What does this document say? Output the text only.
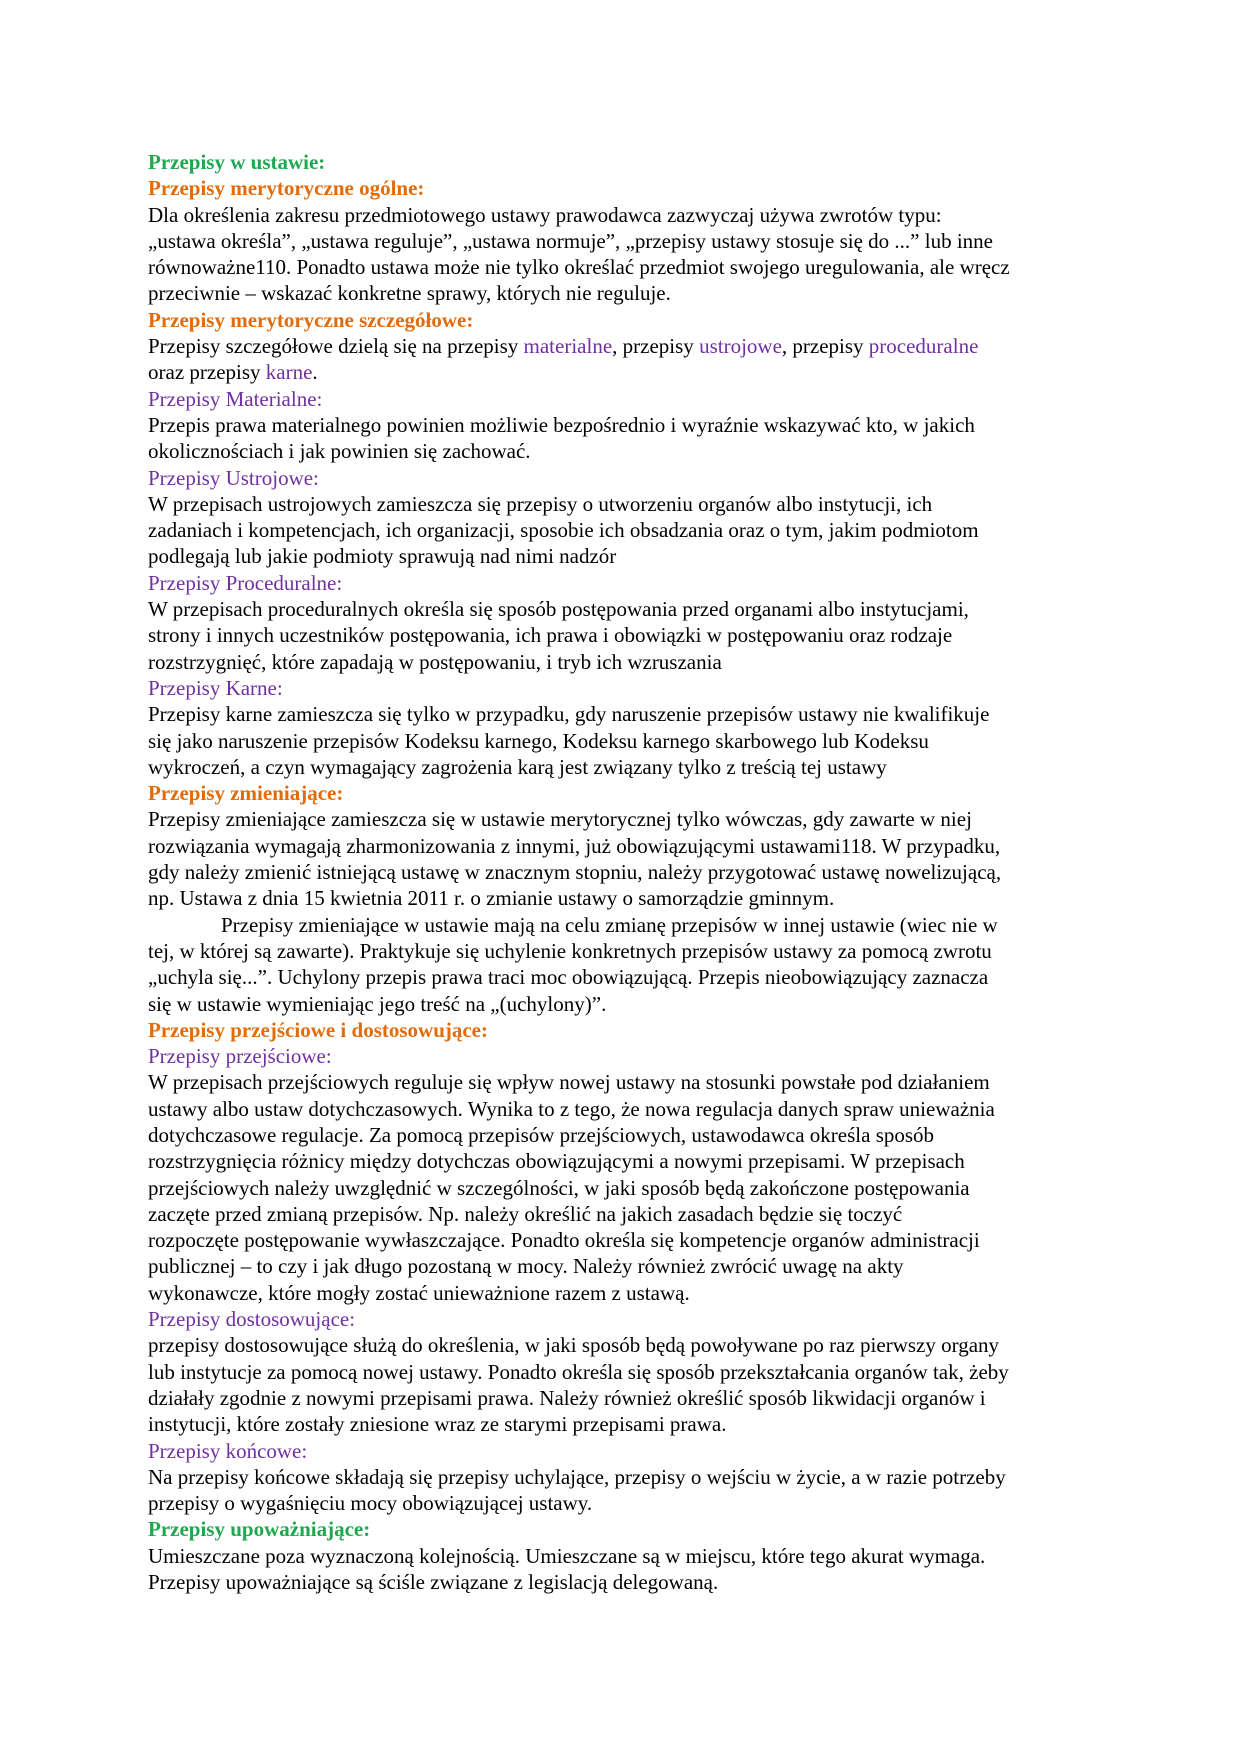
Przepisy w ustawie:
Przepisy merytoryczne ogólne:
Dla określenia zakresu przedmiotowego ustawy prawodawca zazwyczaj używa zwrotów typu:
„ustawa określa”, „ustawa reguluje”, „ustawa normuje”, „przepisy ustawy stosuje się do ...” lub inne
równoważne110. Ponadto ustawa może nie tylko określać przedmiot swojego uregulowania, ale wręcz
przeciwnie – wskazać konkretne sprawy, których nie reguluje.
Przepisy merytoryczne szczegółowe:
Przepisy szczegółowe dzielą się na przepisy materialne, przepisy ustrojowe, przepisy proceduralne
oraz przepisy karne.
Przepisy Materialne:
Przepis prawa materialnego powinien możliwie bezpośrednio i wyraźnie wskazywać kto, w jakich
okolicznościach i jak powinien się zachować.
Przepisy Ustrojowe:
W przepisach ustrojowych zamieszcza się przepisy o utworzeniu organów albo instytucji, ich
zadaniach i kompetencjach, ich organizacji, sposobie ich obsadzania oraz o tym, jakim podmiotom
podlegają lub jakie podmioty sprawują nad nimi nadzór
Przepisy Proceduralne:
W przepisach proceduralnych określa się sposób postępowania przed organami albo instytucjami,
strony i innych uczestników postępowania, ich prawa i obowiązki w postępowaniu oraz rodzaje
rozstrzygnięć, które zapadają w postępowaniu, i tryb ich wzruszania
Przepisy Karne:
Przepisy karne zamieszcza się tylko w przypadku, gdy naruszenie przepisów ustawy nie kwalifikuje
się jako naruszenie przepisów Kodeksu karnego, Kodeksu karnego skarbowego lub Kodeksu
wykroczeń, a czyn wymagający zagrożenia karą jest związany tylko z treścią tej ustawy
Przepisy zmieniające:
Przepisy zmieniające zamieszcza się w ustawie merytorycznej tylko wówczas, gdy zawarte w niej
rozwiązania wymagają zharmonizowania z innymi, już obowiązującymi ustawami118. W przypadku,
gdy należy zmienić istniejącą ustawę w znacznym stopniu, należy przygotować ustawę nowelizującą,
np. Ustawa z dnia 15 kwietnia 2011 r. o zmianie ustawy o samorządzie gminnym.
Przepisy zmieniające w ustawie mają na celu zmianę przepisów w innej ustawie (wiec nie w
tej, w której są zawarte). Praktykuje się uchylenie konkretnych przepisów ustawy za pomocą zwrotu
„uchyla się...”. Uchylony przepis prawa traci moc obowiązującą. Przepis nieobowiązujący zaznacza
się w ustawie wymieniając jego treść na „(uchylony)”.
Przepisy przejściowe i dostosowujące:
Przepisy przejściowe:
W przepisach przejściowych reguluje się wpływ nowej ustawy na stosunki powstałe pod działaniem
ustawy albo ustaw dotychczasowych. Wynika to z tego, że nowa regulacja danych spraw unieważnia
dotychczasowe regulacje. Za pomocą przepisów przejściowych, ustawodawca określa sposób
rozstrzygnięcia różnicy między dotychczas obowiązującymi a nowymi przepisami. W przepisach
przejściowych należy uwzględnić w szczególności, w jaki sposób będą zakończone postępowania
zaczęte przed zmianą przepisów. Np. należy określić na jakich zasadach będzie się toczyć
rozpoczęte postępowanie wywłaszczające. Ponadto określa się kompetencje organów administracji
publicznej – to czy i jak długo pozostaną w mocy. Należy również zwrócić uwagę na akty
wykonawcze, które mogły zostać unieważnione razem z ustawą.
Przepisy dostosowujące:
przepisy dostosowujące służą do określenia, w jaki sposób będą powoływane po raz pierwszy organy
lub instytucje za pomocą nowej ustawy. Ponadto określa się sposób przekształcania organów tak, żeby
działały zgodnie z nowymi przepisami prawa. Należy również określić sposób likwidacji organów i
instytucji, które zostały zniesione wraz ze starymi przepisami prawa.
Przepisy końcowe:
Na przepisy końcowe składają się przepisy uchylające, przepisy o wejściu w życie, a w razie potrzeby
przepisy o wygaśnięciu mocy obowiązującej ustawy.
Przepisy upoważniające:
Umieszczane poza wyznaczoną kolejnością. Umieszczane są w miejscu, które tego akurat wymaga.
Przepisy upoważniające są ściśle związane z legislacją delegowaną.
